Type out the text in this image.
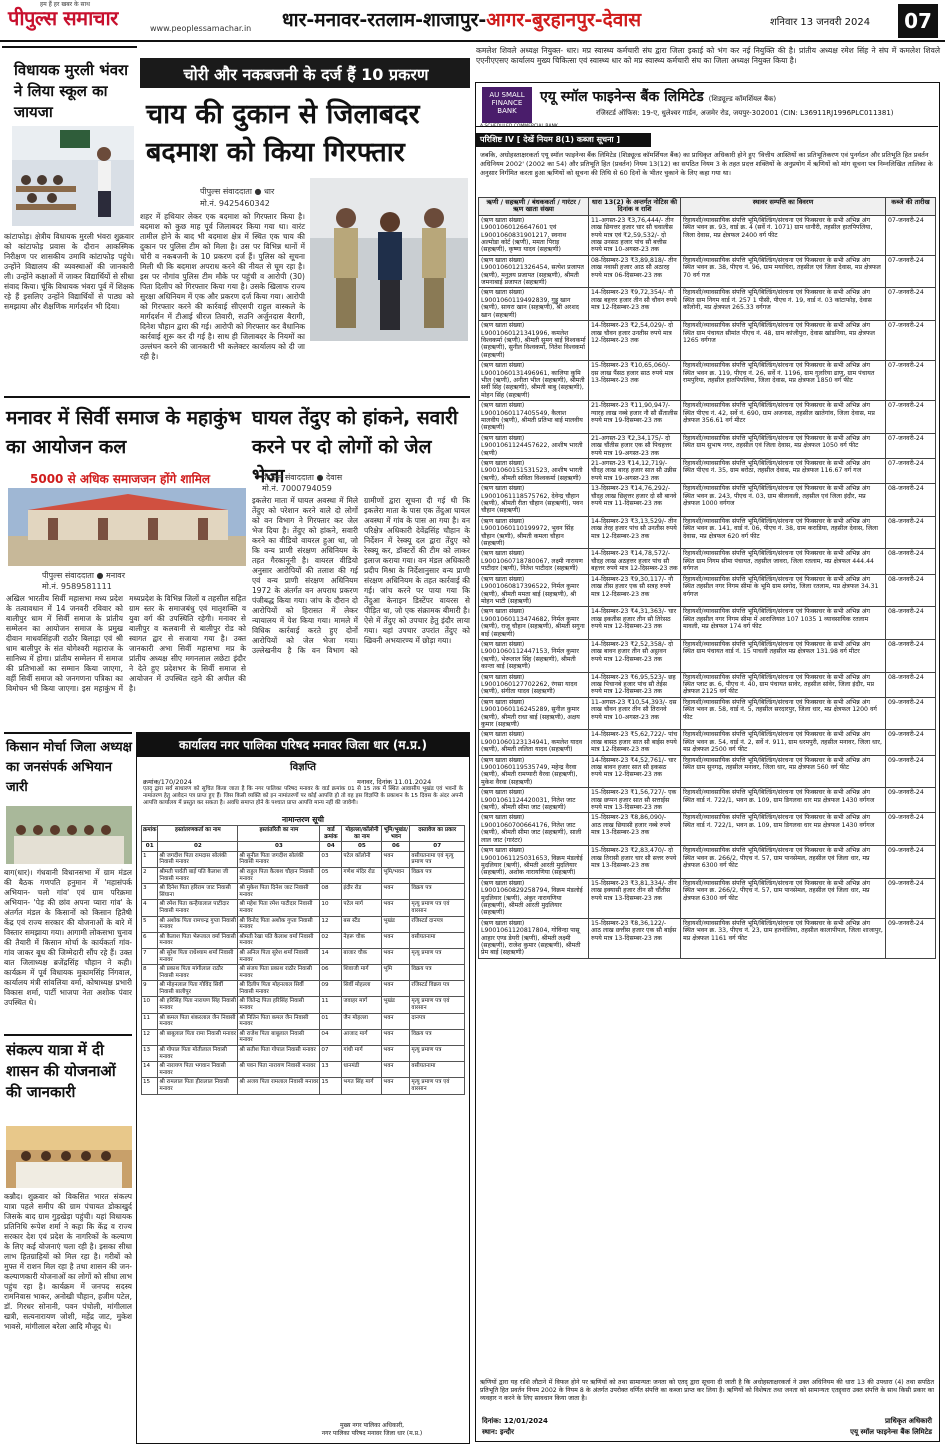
हम हैं हर खबर के साथ
पीपुल्स समाचार	www.peoplessamachar.in धार-मनावर-रतलाम-शाजापुर-आगर-बुरहानपुर-देवास	शनिवार 13 जनवरी 2024	07
विधायक मुरली भंवरा ने लिया स्कूल का जायजा
कांटाफोड़। क्षेत्रीय विधायक मुरली भंवरा शुक्रवार को कांटाफोड़ प्रवास के दौरान आकस्मिक निरीक्षण पर शासकीय उमावि कांटाफोड़ पहुंचे। उन्होंने विद्यालय की व्यवस्थाओं की जानकारी ली। उन्होंने कक्षाओं में जाकर विद्यार्थियों से सीधा संवाद किया। चूंकि विधायक भंवरा पूर्व में शिक्षक रहे हैं इसलिए उन्होंने विद्यार्थियों से पाठ्य को समझाया और शैक्षणिक मार्गदर्शन भी दिया।
चोरी और नकबजनी के दर्ज हैं 10 प्रकरण
चाय की दुकान से जिलाबदर बदमाश को किया गिरफ्तार
पीपुल्स संवाददाता ● धार
मो.नं. 9425460342
शहर में हथियार लेकर एक बदमाश को गिरफ्तार किया है। बदमाश को कुछ माह पूर्व जिलाबदर किया गया था। वारंट तामील होने के बाद भी बदमाश क्षेत्र में स्थित एक चाय की दुकान पर पुलिस टीम को मिला है। उस पर विभिन्न थानों में चोरी व नकबजनी के 10 प्रकरण दर्ज हैं। पुलिस को सूचना मिली थी कि बदमाश अपराध करने की नीयत से घूम रहा है। इस पर नौगांव पुलिस टीम मौके पर पहुंची व आरोपी (30) पिता दिलीप को गिरफ्तार किया गया है। उसके खिलाफ राज्य सुरक्षा अधिनियम में एक और प्रकरण दर्ज किया गया। आरोपी को गिरफ्तार करने की कार्रवाई सीएसपी राहुल वास्कले के मार्गदर्शन में टीआई धीरज तिवारी, सउनि अर्जुनदास बैरागी, दिनेश चौहान द्वारा की गई। आरोपी को गिरफ्तार कर वैधानिक कार्रवाई शुरू कर दी गई है। साथ ही जिलाबदर के नियमों का उल्लंघन करने की जानकारी भी कलेक्टर कार्यालय को दी जा रही है।
मनावर में सिर्वी समाज के महाकुंभ का आयोजन कल
5000 से अधिक समाजजन होंगे शामिल
पीपुल्स संवाददाता ● मनावर
मो.नं. 9589581111
अखिल भारतीय सिर्वी महासभा मध्य प्रदेश के तत्वावधान में 14 जनवरी रविवार को बालीपुर धाम में सिर्वी समाज के प्रांतीय सम्मेलन का आयोजन समाज के प्रमुख दीवान माधवसिंहजी राठौर बिलाड़ा एवं श्री धाम बालीपुर के संत योगेश्वरी महाराज के सानिध्य में होगा। प्रांतीय सम्मेलन में समाज की प्रतिभाओं का सम्मान किया जाएगा, वहीं सिर्वी समाज को जनगणना पत्रिका का विमोचन भी किया जाएगा। इस महाकुंभ में मध्यप्रदेश के विभिन्न जिलों व तहसील सहित ग्राम स्तर के समाजबंधु एवं मातृशक्ति व युवा वर्ग की उपस्थिति रहेगी। मनावर से बालीपुर व कलवानी से बालीपुर रोड को स्वागत द्वार से सजाया गया है। उक्त जानकारी अभा सिर्वी महासभा मप्र के प्रांतीय अध्यक्ष सीए मगनलाल लछेटा इंदौर ने देते हुए प्रदेशभर के सिर्वी समाज से आयोजन में उपस्थित रहने की अपील की है।
घायल तेंदुए को हांकने, सवारी करने पर दो लोगों को जेल भेजा
पीपुल्स संवाददाता ● देवास
मो.नं. 7000794059
इकलेरा माता में घायल अवस्था में मिले तेंदुए को परेशान करने वाले दो लोगों को वन विभाग ने गिरफ्तार कर जेल भेज दिया है। तेंदुए को हांकने, सवारी करने का वीडियो वायरल हुआ था, जो कि वन्य प्राणी संरक्षण अधिनियम के तहत गैरकानूनी है। वायरल वीडियो अनुसार आरोपियों की तलाश की गई एवं वन्य प्राणी संरक्षण अधिनियम 1972 के अंतर्गत वन अपराध प्रकरण पंजीबद्ध किया गया। जांच के दौरान दो आरोपियों को हिरासत में लेकर न्यायालय में पेश किया गया। मामले में विधिक कार्रवाई करते हुए दोनों आरोपियों को जेल भेजा गया। उल्लेखनीय है कि वन विभाग को ग्रामीणों द्वारा सूचना दी गई थी कि इकलेरा माता के पास एक तेंदुआ घायल अवस्था में गांव के पास आ गया है। वन परिक्षेत्र अधिकारी देवेंद्रसिंह चौहान के निर्देशन में रेस्क्यू दल द्वारा तेंदुए को रेस्क्यू कर, डॉक्टरों की टीम को लाकर इलाज कराया गया। वन मंडल अधिकारी प्रदीप मिश्रा के निर्देशानुसार वन्य प्राणी संरक्षण अधिनियम के तहत कार्रवाई की गई। जांच करने पर पाया गया कि तेंदुआ केनाइन डिस्टेंपर वायरस से पीड़ित था, जो एक संक्रामक बीमारी है। ऐसे में तेंदुए को उपचार हेतु इंदौर लाया गया। यहां उपचार उपरांत तेंदुए को खिवनी अभयारण्य में छोड़ा गया।
किसान मोर्चा जिला अध्यक्ष का जनसंपर्क अभियान जारी
बाग(धार)। गंधवानी विधानसभा में ग्राम मंडल की बैठक गणपति हनुमान में 'महासंपर्क अभियान- चलो गांव' एवं ग्राम परिक्रमा अभियान- 'पेड़ की छांव अपना प्यारा गांव' के अंतर्गत मंडल के किसानों को किसान हितैषी केंद्र एवं राज्य सरकार की योजनाओं के बारे में विस्तार समझाया गया। आगामी लोकसभा चुनाव की तैयारी में किसान मोर्चा के कार्यकर्ता गांव-गांव जाकर बूथ की जिम्मेदारी सौंप रहे हैं। उक्त बात जिलाध्यक्ष ब्रजेंद्रसिंह चौहान ने कही। कार्यक्रम में पूर्व विधायक मुकामसिंह निंगवाल, कार्यालय मंत्री सांवलिया वर्मा, कोषाध्यक्ष प्रभारी विकास शर्मा, पार्टी भाजपा नेता अशोक पंवार उपस्थित थे।
संकल्प यात्रा में दी शासन की योजनाओं की जानकारी
कन्नौद। शुक्रवार को विकसित भारत संकल्प यात्रा पहले समीप की ग्राम पंचायत डोकाखुर्द जिसके बाद ग्राम गुड़खेड़ा पहुंची। यहां विधायक प्रतिनिधि रूपेश शर्मा ने कहा कि केंद्र व राज्य सरकार देश एवं प्रदेश के नागरिकों के कल्याण के लिए कई योजनाएं चला रही है। इसका सीधा लाभ हितग्राहियों को मिल रहा है। गरीबों को मुफ्त में राशन मिल रहा है तथा शासन की जन-कल्याणकारी योजनाओं का लोगों को सीधा लाभ पहुंच रहा है। कार्यक्रम में जनपद सदस्य रामनिवास भाकर, अनोखी चौहान, हजीम पटेल, डॉ. गिरधर सोनानी, पवन पंचोली, मांगीलाल खत्री, सत्यनारायण जोशी, महेंद्र जाट, मुकेश भावसे, मांगीलाल बरेला आदि मौजूद थे।
कार्यालय नगर पालिका परिषद मनावर जिला धार (म.प्र.)
विज्ञप्ति
क्रमांक/170/2024	मनावर, दिनांक 11.01.2024
एतद् द्वारा सर्व साधारण को सूचित किया जाता है कि नगर पालिका परिषद मनावर के वार्ड क्रमांक 01 से 15 तक में स्थित आवासीय भूखंड एवं भवनों के नामांतरण हेतु आवेदन पत्र प्राप्त हुए हैं। जिस किसी व्यक्ति को इन नामांतरणों पर कोई आपत्ति हो तो वह इस विज्ञप्ति के प्रकाशन के 15 दिवस के अंदर अपनी आपत्ति कार्यालय में प्रस्तुत कर सकता है। अवधि समाप्त होने के पश्चात प्राप्त आपत्ति मान्य नहीं की जावेगी।
नामान्तरण सूची
क्रमांक	हस्तांतरणकर्ता का नाम	हस्तांतरिती का नाम	वार्ड क्रमांक	मोहल्ला/कॉलोनी का नाम	भूमि/भूखंड/भवन	दस्तावेज का प्रकार
01	02	03	04	05	06	07
1	श्री जगदीश पिता रामदास सोलंकी निवासी मनावर	श्री सुनील पिता जगदीश सोलंकी निवासी मनावर	03	पटेल कॉलोनी	भवन	वसीयतनामा एवं मृत्यु प्रमाण पत्र
2	श्रीमती पार्वती बाई पति कैलाश जी निवासी मनावर	श्री राहुल पिता कैलाश चौहान निवासी मनावर	05	गणेश मंदिर रोड	भूमि/भवन	विक्रय पत्र
3	श्री दिनेश पिता हरिराम जाट निवासी सिंघाना	श्री मुकेश पिता दिनेश जाट निवासी मनावर	08	इंदौर रोड	भवन	विक्रय पत्र
4	श्री रमेश पिता कन्हैयालाल पाटीदार निवासी मनावर	श्री महेश पिता रमेश पाटीदार निवासी मनावर	10	पटेल मार्ग	भवन	मृत्यु प्रमाण पत्र एवं वारसान
5	श्री अशोक पिता रामचन्द्र गुप्ता निवासी मनावर	श्री विनोद पिता अशोक गुप्ता निवासी मनावर	12	बस स्टैंड	भूखंड	रजिस्टर्ड दानपत्र
6	श्री कैलाश पिता भेरूलाल वर्मा निवासी मनावर	श्रीमती रेखा पति कैलाश वर्मा निवासी मनावर	02	नेहरू चौक	भवन	वसीयतनामा
7	श्री सुरेश पिता राधेश्याम शर्मा निवासी मनावर	श्री अनिल पिता सुरेश शर्मा निवासी मनावर	14	बाजार चौक	भवन	मृत्यु प्रमाण पत्र
8	श्री प्रकाश पिता मांगीलाल राठौर निवासी मनावर	श्री संजय पिता प्रकाश राठौर निवासी मनावर	06	शिवाजी मार्ग	भूमि	विक्रय पत्र
9	श्री मोहनलाल पिता गोविंद सिर्वी निवासी बालीपुर	श्री दिलीप पिता मोहनलाल सिर्वी निवासी मनावर	09	सिर्वी मोहल्ला	भवन	रजिस्टर्ड विक्रय पत्र
10	श्री हरिसिंह पिता नारायण सिंह निवासी मनावर	श्री जितेन्द्र पिता हरिसिंह निवासी मनावर	11	जवाहर मार्ग	भूखंड	मृत्यु प्रमाण पत्र एवं वारसान
11	श्री कमल पिता शंकरलाल जैन निवासी मनावर	श्री नितिन पिता कमल जैन निवासी मनावर	01	जैन मोहल्ला	भवन	दानपत्र
12	श्री बाबूलाल पिता रामा निवासी मनावर	श्री राजेश पिता बाबूलाल निवासी मनावर	04	आजाद मार्ग	भवन	विक्रय पत्र
13	श्री गोपाल पिता मोतीलाल निवासी मनावर	श्री सतीश पिता गोपाल निवासी मनावर	07	गांधी मार्ग	भवन	मृत्यु प्रमाण पत्र
14	श्री नारायण पिता भगवान निवासी मनावर	श्री पवन पिता नारायण निवासी मनावर	13	धानमंडी	भवन	वसीयतनामा
15	श्री रामलाल पिता हीरालाल निवासी मनावर	श्री अजय पिता रामलाल निवासी मनावर	15	भगत सिंह मार्ग	भवन	मृत्यु प्रमाण पत्र एवं वारसान
मुख्य नगर पालिका अधिकारी,
नगर पालिका परिषद मनावर जिला धार (म.प्र.)
कमलेश शिवले अध्यक्ष नियुक्त- धार। मप्र स्वास्थ्य कर्मचारी संघ द्वारा जिला इकाई को भंग कर नई नियुक्ति की है। प्रांतीय अध्यक्ष रमेश सिंह ने संघ में कमलेश शिवले एएनीएएसए कार्यालय मुख्य चिकित्सा एवं स्वास्थ्य धार को मप्र स्वास्थ्य कर्मचारी संघ का जिला अध्यक्ष नियुक्त किया है।
AU SMALL FINANCE BANK
एयू स्मॉल फाइनेन्स बैंक लिमिटेड (शिड्यूल्ड कॉमर्शियल बैंक)
A SCHEDULED COMMERCIAL BANK
रजिस्टर्ड ऑफिस: 19-ए, धुलेश्वर गार्डन, अजमेर रोड, जयपुर-302001 (CIN: L36911RJ1996PLC011381)
परिशिष्ट IV [ देखें नियम 8(1) कब्जा सूचना ]
जबकि, अधोहस्ताक्षरकर्ता एयू स्मॉल फाइनेन्स बैंक लिमिटेड (शिड्यूल्ड कॉमर्शियल बैंक) का प्राधिकृत अधिकारी होने हुए 'वित्तीय आस्तियों का प्रतिभूतिकरण एवं पुनर्गठन और प्रतिभूति हित प्रवर्तन अधिनियम 2002' (2002 का 54) और प्रतिभूति हित (प्रवर्तन) नियम 13(12) का सपठित नियम 3 के तहत प्रदत्त शक्तियों के अनुप्रयोग में ऋणियों को मांग सूचना पत्र निम्नलिखित तालिका के अनुसार निर्गमित करता हुआ ऋणियों को सूचना की तिथि से 60 दिनों के भीतर चुकाने के लिए कहा गया था।
ऋणी / सहऋणी / बंधककर्ता / गारंटर / ऋण खाता संख्या	धारा 13(2) के अन्तर्गत नोटिस की दिनांक व राशि	स्थावर सम्पत्ति का विवरण	कब्जे की तारीख
(ऋण खाता संख्या) L9001060126647601 एवं L9001060831901217, स्वनाथ अल्मोडा कोर्ट (ऋणी), ममता पिराइ (सहऋणी), कृष्णा यादव (सहऋणी)	11-अगस्त-23 ₹3,76,444/- तीन लाख छियत्तर हजार चार सौ चवालीस रुपये मात्र एवं ₹2,59,532/- दो लाख उनसठ हजार पांच सौ बत्तीस रुपये मात्र 10-अगस्त-23 तक	रिहायशी/व्यावसायिक संपत्ति भूमि/बिल्डिंग/संरचना एवं फिक्सचर के सभी अभिन्न अंग स्थित भवन क्र. 93, वार्ड क्र. 4 (सर्वे नं. 1071) ग्राम धानौरी, तहसील हातपिपलिया, जिला देवास, मप्र क्षेत्रफल 2400 वर्ग फीट	07-जनवरी-24
(ऋण खाता संख्या) L9001060121326454, सत्येश प्रजापत (ऋणी), मनुज्ञय प्रजापत (सहऋणी), श्रीमती जमनाबाई प्रजापत (सहऋणी)	08-दिसम्बर-23 ₹3,89,818/- तीन लाख नवासी हजार आठ सौ अठारह रुपये मात्र 06-दिसम्बर-23 तक	रिहायशी/व्यावसायिक संपत्ति भूमि/बिल्डिंग/संरचना एवं फिक्सचर के सभी अभिन्न अंग स्थित भवन क्र. 38, पीएच नं. 96, ग्राम मयाचिरा, तहसील एवं जिला देवास, मप्र क्षेत्रफल 70 वर्ग गज	07-जनवरी-24
(ऋण खाता संख्या) L9001060119492839, गुड्डु खान (ऋणी), सायरा खान (सहऋणी), श्री अरशद खान (सहऋणी)	14-दिसम्बर-23 ₹9,72,354/- नौ लाख बहत्तर हजार तीन सौ चौवन रुपये मात्र 12-दिसम्बर-23 तक	रिहायशी/व्यावसायिक संपत्ति भूमि/बिल्डिंग/संरचना एवं फिक्सचर के सभी अभिन्न अंग स्थित ग्राम निगम वार्ड नं. 257 1 पीसी, पीएच नं. 19, वार्ड नं. 03 कांटाफोड़, देवास कॉलोनी, मप्र क्षेत्रफल 265.33 वर्गगज	07-जनवरी-24
(ऋण खाता संख्या) L9001060121341996, कमलेश विश्वकर्मा (ऋणी), श्रीमती सुमन बाई विश्वकर्मा (सहऋणी), सुनील विश्वकर्मा, नितेश विश्वकर्मा (सहऋणी)	14-दिसम्बर-23 ₹2,54,029/- दो लाख चौवन हजार उनतीस रुपये मात्र 12-दिसम्बर-23 तक	रिहायशी/व्यावसायिक संपत्ति भूमि/बिल्डिंग/संरचना एवं फिक्सचर के सभी अभिन्न अंग स्थित ग्राम पंचायत सीमांत पीएच नं. 48, ग्राम कांजीपुरा, देवास खांडनिया, मप्र क्षेत्रफल 1265 वर्गगज	07-जनवरी-24
(ऋण खाता संख्या) L9001060131496961, कालिया कुमि भील (ऋणी), अनीता भील (सहऋणी), श्रीमती सर्वी सिंह (सहऋणी), श्रीमती बाबु (सहऋणी), मोहन सिंह (सहऋणी)	15-दिसम्बर-23 ₹10,65,060/- दस लाख पैंसठ हजार साठ रुपये मात्र 13-दिसम्बर-23 तक	रिहायशी/व्यावसायिक संपत्ति भूमि/बिल्डिंग/संरचना एवं फिक्सचर के सभी अभिन्न अंग स्थित भवन क्र. 119, पीएच नं. 26, सर्वे नं. 1196, ग्राम गुलरिया ढाणु, ग्राम पंचायत रामपुरिया, तहसील हातपिपलिया, जिला देवास, मप्र क्षेत्रफल 1850 वर्ग फीट	07-जनवरी-24
(ऋण खाता संख्या) L9001060117405549, कैलाश मालवीय (ऋणी), श्रीमती प्रतिभा बाई मालवीय (सहऋणी)	21-दिसम्बर-23 ₹11,90,947/- ग्यारह लाख नब्बे हजार नौ सौ सैंतालीस रुपये मात्र 19-दिसम्बर-23 तक	रिहायशी/व्यावसायिक संपत्ति भूमि/बिल्डिंग/संरचना एवं फिक्सचर के सभी अभिन्न अंग स्थित पीएच नं. 42, सर्वे नं. 690, ग्राम अजनास, तहसील खातेगांव, जिला देवास, मप्र क्षेत्रफल 356.61 वर्ग मीटर	07-जनवरी-24
(ऋण खाता संख्या) L9001061124457622, आशीष भारती (ऋणी)	21-अगस्त-23 ₹2,34,175/- दो लाख चौंतीस हजार एक सौ पिचहत्तर रुपये मात्र 19-अगस्त-23 तक	रिहायशी/व्यावसायिक संपत्ति भूमि/बिल्डिंग/संरचना एवं फिक्सचर के सभी अभिन्न अंग स्थित ग्राम सुभाष नगर, तहसील एवं जिला देवास, मप्र क्षेत्रफल 1050 वर्ग फीट	07-जनवरी-24
(ऋण खाता संख्या) L9001060151531523, आशीष भारती (ऋणी), श्रीमती सविता विश्वकर्मा (सहऋणी)	21-अगस्त-23 ₹14,12,719/- चौदह लाख बारह हजार सात सौ उन्नीस रुपये मात्र 19-अगस्त-23 तक	रिहायशी/व्यावसायिक संपत्ति भूमि/बिल्डिंग/संरचना एवं फिक्सचर के सभी अभिन्न अंग स्थित पीएच नं. 35, ग्राम बरोठा, तहसील देवास, मप्र क्षेत्रफल 116.67 वर्ग गज	07-जनवरी-24
(ऋण खाता संख्या) L9001061118575762, देवेन्द्र चौहान (ऋणी), श्रीमती रीता चौहान (सहऋणी), पवन चौहान (सहऋणी)	13-दिसम्बर-23 ₹14,76,292/- चौदह लाख छिहत्तर हजार दो सौ बानवे रुपये मात्र 11-दिसम्बर-23 तक	रिहायशी/व्यावसायिक संपत्ति भूमि/बिल्डिंग/संरचना एवं फिक्सचर के सभी अभिन्न अंग स्थित भवन क्र. 243, पीएच नं. 03, ग्राम बीलावली, तहसील एवं जिला इंदौर, मप्र क्षेत्रफल 1000 वर्गगज	08-जनवरी-24
(ऋण खाता संख्या) L9001060110199972, भुवन सिंह चौहान (ऋणी), श्रीमती कमला चौहान (सहऋणी)	14-दिसम्बर-23 ₹3,13,529/- तीन लाख तेरह हजार पांच सौ उनतीस रुपये मात्र 12-दिसम्बर-23 तक	रिहायशी/व्यावसायिक संपत्ति भूमि/बिल्डिंग/संरचना एवं फिक्सचर के सभी अभिन्न अंग स्थित भवन क्र. 141, वार्ड नं. 06, पीएच नं. 38, ग्राम कराडिया, तहसील देवास, जिला देवास, मप्र क्षेत्रफल 620 वर्ग फीट	08-जनवरी-24
(ऋण खाता संख्या) L9001060718780067, लक्ष्मी नारायण पाटीदार (ऋणी), नितेश पाटीदार (सहऋणी)	14-दिसम्बर-23 ₹14,78,572/- चौदह लाख अठहत्तर हजार पांच सौ बहत्तर रुपये मात्र 12-दिसम्बर-23 तक	रिहायशी/व्यावसायिक संपत्ति भूमि/बिल्डिंग/संरचना एवं फिक्सचर के सभी अभिन्न अंग स्थित ग्राम निगम सीमा पंचायत, तहसील जावरा, जिला रतलाम, मप्र क्षेत्रफल 444.44 वर्गगज	08-जनवरी-24
(ऋण खाता संख्या) L9001060817396522, निर्मल कुमार (ऋणी), श्रीमती ममता बाई (सहऋणी), श्री मोहन भाटी (सहऋणी)	14-दिसम्बर-23 ₹9,30,117/- नौ लाख तीस हजार एक सौ सत्रह रुपये मात्र 12-दिसम्बर-23 तक	रिहायशी/व्यावसायिक संपत्ति भूमि/बिल्डिंग/संरचना एवं फिक्सचर के सभी अभिन्न अंग स्थित तहसील नगर निगम सीमा के भूमि ग्राम सगोद, जिला रतलाम, मप्र क्षेत्रफल 34.31 वर्गगज	08-जनवरी-24
(ऋण खाता संख्या) L9001060113474682, निर्मल कुमार (ऋणी), राजू चौहान (सहऋणी), श्रीमती सगुना बाई (सहऋणी)	14-दिसम्बर-23 ₹4,31,363/- चार लाख इकतीस हजार तीन सौ तिरेसठ रुपये मात्र 12-दिसम्बर-23 तक	रिहायशी/व्यावसायिक संपत्ति भूमि/बिल्डिंग/संरचना एवं फिक्सचर के सभी अभिन्न अंग स्थित तहसील नगर निगम सीमा में आराजियात 107 1035 1 व्यावसायिक रतलाम मावली, मप्र क्षेत्रफल 174 वर्ग फीट	08-जनवरी-24
(ऋण खाता संख्या) L9001060112447153, निर्मल कुमार (ऋणी), भेरूलाल सिंह (सहऋणी), श्रीमती कान्ता बाई (सहऋणी)	14-दिसम्बर-23 ₹2,52,358/- दो लाख बावन हजार तीन सौ अट्ठावन रुपये मात्र 12-दिसम्बर-23 तक	रिहायशी/व्यावसायिक संपत्ति भूमि/बिल्डिंग/संरचना एवं फिक्सचर के सभी अभिन्न अंग स्थित ग्राम पंचायत वार्ड नं. 15 पाचली तहसील मप्र क्षेत्रफल 131.98 वर्ग मीटर	08-जनवरी-24
(ऋण खाता संख्या) L9001060127702262, रंगसा यादव (ऋणी), संगीता यादव (सहऋणी)	14-दिसम्बर-23 ₹6,95,523/- छह लाख पिचानबे हजार पांच सौ तेईस रुपये मात्र 12-दिसम्बर-23 तक	रिहायशी/व्यावसायिक संपत्ति भूमि/बिल्डिंग/संरचना एवं फिक्सचर के सभी अभिन्न अंग स्थित प्लाट क्र. 6, पीएच नं. 40, ग्राम पंचायत सावेर, तहसील सांवेर, जिला इंदौर, मप्र क्षेत्रफल 2125 वर्ग फीट	08-जनवरी-24
(ऋण खाता संख्या) L9001060116245289, सुनील कुमार (ऋणी), श्रीमती राधा बाई (सहऋणी), अक्षय कुमार (सहऋणी)	11-अगस्त-23 ₹10,54,393/- दस लाख चौवन हजार तीन सौ तिरानवे रुपये मात्र 10-अगस्त-23 तक	रिहायशी/व्यावसायिक संपत्ति भूमि/बिल्डिंग/संरचना एवं फिक्सचर के सभी अभिन्न अंग स्थित भवन क्र. 58, वार्ड नं. 5, तहसील सरदारपुर, जिला धार, मप्र क्षेत्रफल 1200 वर्ग फीट	09-जनवरी-24
(ऋण खाता संख्या) L9001060123134941, कमलेश यादव (ऋणी), श्रीमती ललिता यादव (सहऋणी)	14-दिसम्बर-23 ₹5,62,722/- पांच लाख बासठ हजार सात सौ बाईस रुपये मात्र 12-दिसम्बर-23 तक	रिहायशी/व्यावसायिक संपत्ति भूमि/बिल्डिंग/संरचना एवं फिक्सचर के सभी अभिन्न अंग स्थित भवन क्र. 54, वार्ड नं. 2, सर्वे नं. 911, ग्राम धरमपुरी, तहसील मनावर, जिला धार, मप्र क्षेत्रफल 2500 वर्ग फीट	09-जनवरी-24
(ऋण खाता संख्या) L9001060119535749, महेन्द्र वैरवा (ऋणी), श्रीमती रामप्यारी वैरवा (सहऋणी), मुकेश वैरवा (सहऋणी)	14-दिसम्बर-23 ₹4,52,761/- चार लाख बावन हजार सात सौ इकसठ रुपये मात्र 12-दिसम्बर-23 तक	रिहायशी/व्यावसायिक संपत्ति भूमि/बिल्डिंग/संरचना एवं फिक्सचर के सभी अभिन्न अंग स्थित ग्राम सुनगढ़, तहसील मनावर, जिला धार, मप्र क्षेत्रफल 560 वर्ग फीट	09-जनवरी-24
(ऋण खाता संख्या) L9001061124420031, नितेश जाट (ऋणी), श्रीमती सीमा जाट (सहऋणी)	15-दिसम्बर-23 ₹1,56,727/- एक लाख छप्पन हजार सात सौ सत्ताईस रुपये मात्र 13-दिसम्बर-23 तक	रिहायशी/व्यावसायिक संपत्ति भूमि/बिल्डिंग/संरचना एवं फिक्सचर के सभी अभिन्न अंग स्थित वार्ड नं. 722/1, भवन क्र. 109, ग्राम डिगलवा धार मप्र क्षेत्रफल 1430 वर्गगज	09-जनवरी-24
(ऋण खाता संख्या) L9001060700664176, नितेश जाट (ऋणी), श्रीमती सीमा जाट (सहऋणी), साली लाल जाट (गारंटर)	15-दिसम्बर-23 ₹8,86,090/- आठ लाख छियासी हजार नब्बे रुपये मात्र 13-दिसम्बर-23 तक	रिहायशी/व्यावसायिक संपत्ति भूमि/बिल्डिंग/संरचना एवं फिक्सचर के सभी अभिन्न अंग स्थित वार्ड नं. 722/1, भवन क्र. 109, ग्राम डिगलवा धार मप्र क्षेत्रफल 1430 वर्गगज	09-जनवरी-24
(ऋण खाता संख्या) L9001061125031653, विक्रम मंडलोई मुदलियार (ऋणी), श्रीमती आरती मुदलियार (सहऋणी), अशोक नारायणिया (सहऋणी)	15-दिसम्बर-23 ₹2,83,470/- दो लाख तिरासी हजार चार सौ सत्तर रुपये मात्र 13-दिसम्बर-23 तक	रिहायशी/व्यावसायिक संपत्ति भूमि/बिल्डिंग/संरचना एवं फिक्सचर के सभी अभिन्न अंग स्थित भवन क्र. 266/2, पीएच नं. 57, ग्राम पानसेमल, तहसील एवं जिला धार, मप्र क्षेत्रफल 6300 वर्ग फीट	09-जनवरी-24
(ऋण खाता संख्या) L9001060829258794, विक्रम मंडलोई मुदलियार (ऋणी), अंकुर नारायणिया (सहऋणी), श्रीमती आरती मुदलियार (सहऋणी)	15-दिसम्बर-23 ₹3,81,334/- तीन लाख इक्यासी हजार तीन सौ चौंतीस रुपये मात्र 13-दिसम्बर-23 तक	रिहायशी/व्यावसायिक संपत्ति भूमि/बिल्डिंग/संरचना एवं फिक्सचर के सभी अभिन्न अंग स्थित भवन क्र. 266/2, पीएच नं. 57, ग्राम पानसेमल, तहसील एवं जिला धार, मप्र क्षेत्रफल 6300 वर्ग फीट	09-जनवरी-24
(ऋण खाता संख्या) L9001061120817804, गोविन्दा पासू आहार एण्ड डेयरी (ऋणी), श्रीमती लक्ष्मी (सहऋणी), राजेश कुमार (सहऋणी), श्रीमती प्रेम बाई (सहऋणी)	15-दिसम्बर-23 ₹8,36,122/- आठ लाख छत्तीस हजार एक सौ बाईस रुपये मात्र 13-दिसम्बर-23 तक	रिहायशी/व्यावसायिक संपत्ति भूमि/बिल्डिंग/संरचना एवं फिक्सचर के सभी अभिन्न अंग स्थित भवन क्र. 33, पीएच नं. 23, ग्राम हतनोलिया, तहसील कालापीपल, जिला शाजापुर, मप्र क्षेत्रफल 1161 वर्ग फीट	09-जनवरी-24
ऋणियों द्वारा यह राशि लौटाने में विफल होने पर ऋणियों को तथा सामान्यतः जनता को एतद् द्वारा सूचना दी जाती है कि अधोहस्ताक्षरकर्ता ने उक्त अधिनियम की धारा 13 की उपधारा (4) तथा सपठित प्रतिभूति हित प्रवर्तन नियम 2002 के नियम 8 के अंतर्गत उपरोक्त वर्णित संपत्ति का कब्जा प्राप्त कर लिया है। ऋणियों को विशेषतः तथा जनता को सामान्यतः एतद्द्वारा उक्त संपत्ति के साथ किसी प्रकार का व्यवहार न करने के लिए सावधान किया जाता है।
दिनांक: 12/01/2024
स्थान: इन्दौर
प्राधिकृत अधिकारी
एयू स्मॉल फाइनेन्स बैंक लिमिटेड
